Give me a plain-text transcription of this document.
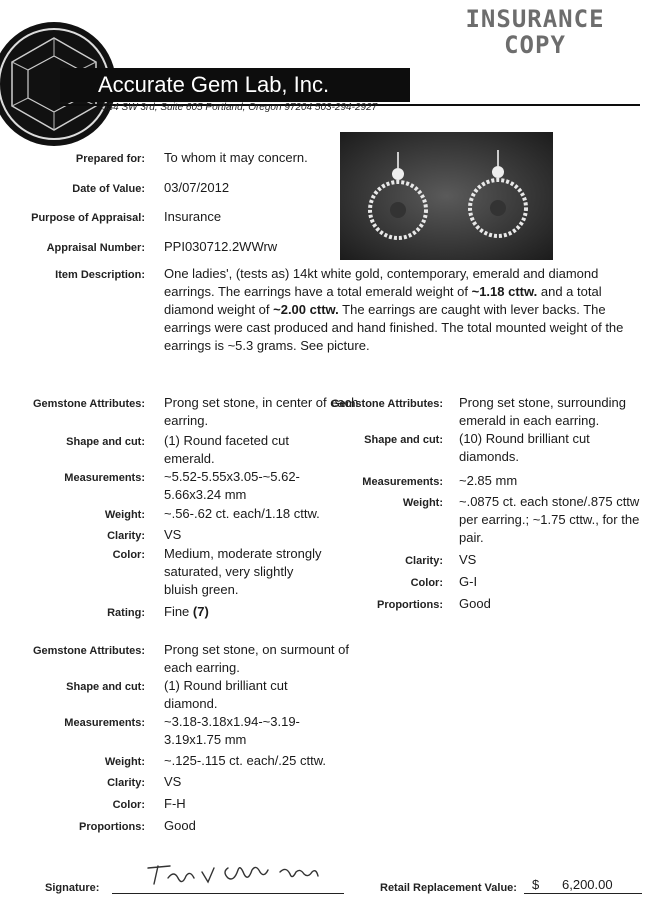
INSURANCE
COPY
Accurate Gem Lab, Inc.
534 SW 3rd, Suite 605 Portland, Oregon 97204 503-294-2927
Prepared for: To whom it may concern.
Date of Value: 03/07/2012
Purpose of Appraisal: Insurance
Appraisal Number: PPI030712.2WWrw
Item Description: One ladies', (tests as) 14kt white gold, contemporary, emerald and diamond earrings. The earrings have a total emerald weight of ~1.18 cttw. and a total diamond weight of ~2.00 cttw. The earrings are caught with lever backs. The earrings were cast produced and hand finished. The total mounted weight of the earrings is ~5.3 grams. See picture.
Gemstone Attributes: Prong set stone, in center of each earring.
Shape and cut: (1) Round faceted cut emerald.
Measurements: ~5.52-5.55x3.05-~5.62-5.66x3.24 mm
Weight: ~.56-.62 ct. each/1.18 cttw.
Clarity: VS
Color: Medium, moderate strongly saturated, very slightly bluish green.
Rating: Fine (7)
Gemstone Attributes: Prong set stone, surrounding emerald in each earring.
Shape and cut: (10) Round brilliant cut diamonds.
Measurements: ~2.85 mm
Weight: ~.0875 ct. each stone/.875 cttw per earring.; ~1.75 cttw., for the pair.
Clarity: VS
Color: G-I
Proportions: Good
Gemstone Attributes: Prong set stone, on surmount of each earring.
Shape and cut: (1) Round brilliant cut diamond.
Measurements: ~3.18-3.18x1.94-~3.19-3.19x1.75 mm
Weight: ~.125-.115 ct. each/.25 cttw.
Clarity: VS
Color: F-H
Proportions: Good
Signature:	Retail Replacement Value: $ 6,200.00
